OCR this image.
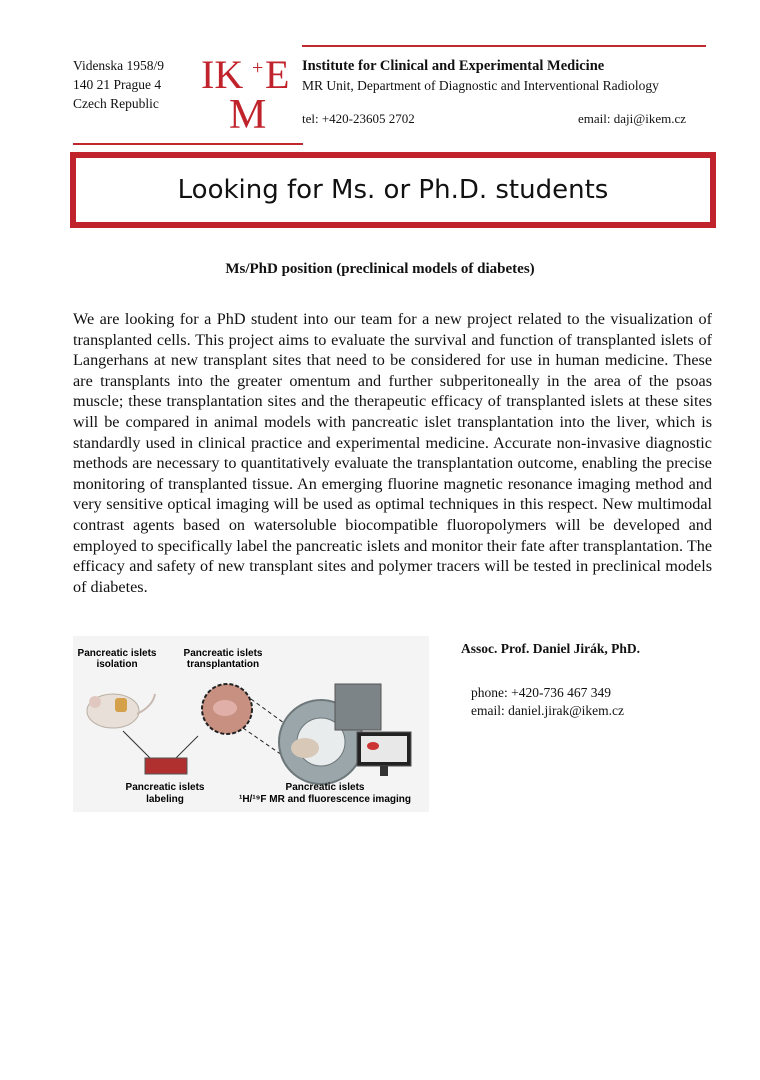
Videnska 1958/9
140 21 Prague 4
Czech Republic
IK + E
M
Institute for Clinical and Experimental Medicine
MR Unit, Department of Diagnostic and Interventional Radiology
tel: +420-23605 2702	email: daji@ikem.cz
Looking for Ms. or Ph.D. students
Ms/PhD position (preclinical models of diabetes)
We are looking for a PhD student into our team for a new project related to the visualization of transplanted cells. This project aims to evaluate the survival and function of transplanted islets of Langerhans at new transplant sites that need to be considered for use in human medicine. These are transplants into the greater omentum and further subperitoneally in the area of the psoas muscle; these transplantation sites and the therapeutic efficacy of transplanted islets at these sites will be compared in animal models with pancreatic islet transplantation into the liver, which is standardly used in clinical practice and experimental medicine. Accurate non-invasive diagnostic methods are necessary to quantitatively evaluate the transplantation outcome, enabling the precise monitoring of transplanted tissue. An emerging fluorine magnetic resonance imaging method and very sensitive optical imaging will be used as optimal techniques in this respect. New multimodal contrast agents based on watersoluble biocompatible fluoropolymers will be developed and employed to specifically label the pancreatic islets and monitor their fate after transplantation. The efficacy and safety of new transplant sites and polymer tracers will be tested in preclinical models of diabetes.
Pancreatic islets
isolation
Pancreatic islets
transplantation
Pancreatic islets
labeling
Pancreatic islets
¹H/¹⁹F MR and fluorescence imaging
Assoc. Prof. Daniel Jirák, PhD.
phone: +420-736 467 349
email: daniel.jirak@ikem.cz
